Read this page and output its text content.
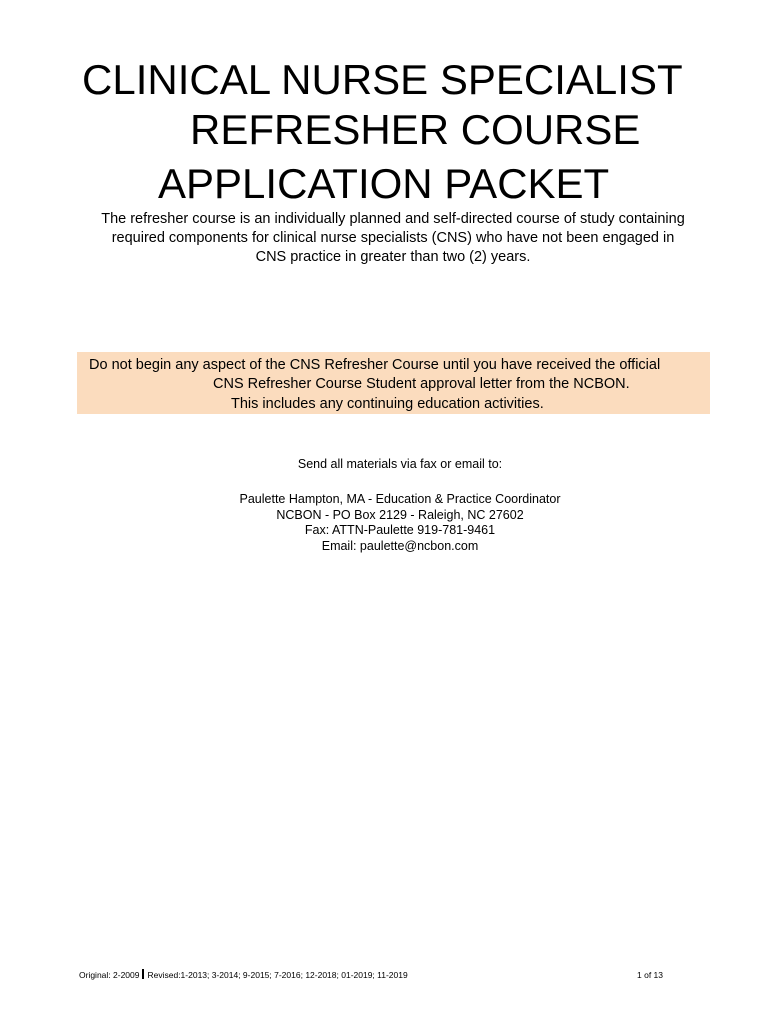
CLINICAL NURSE SPECIALIST
REFRESHER COURSE
APPLICATION PACKET
The refresher course is an individually planned and self-directed course of study containing
required components for clinical nurse specialists (CNS) who have not been engaged in
CNS practice in greater than two (2) years.
Do not begin any aspect of the CNS Refresher Course until you have received the official
CNS Refresher Course Student approval letter from the NCBON.
This includes any continuing education activities.
Send all materials via fax or email to:
Paulette Hampton, MA - Education & Practice Coordinator
NCBON - PO Box 2129 - Raleigh, NC 27602
Fax: ATTN-Paulette 919-781-9461
Email: paulette@ncbon.com
Original: 2-2009 Revised:1-2013; 3-2014; 9-2015; 7-2016; 12-2018; 01-2019; 11-2019	1 of 13
